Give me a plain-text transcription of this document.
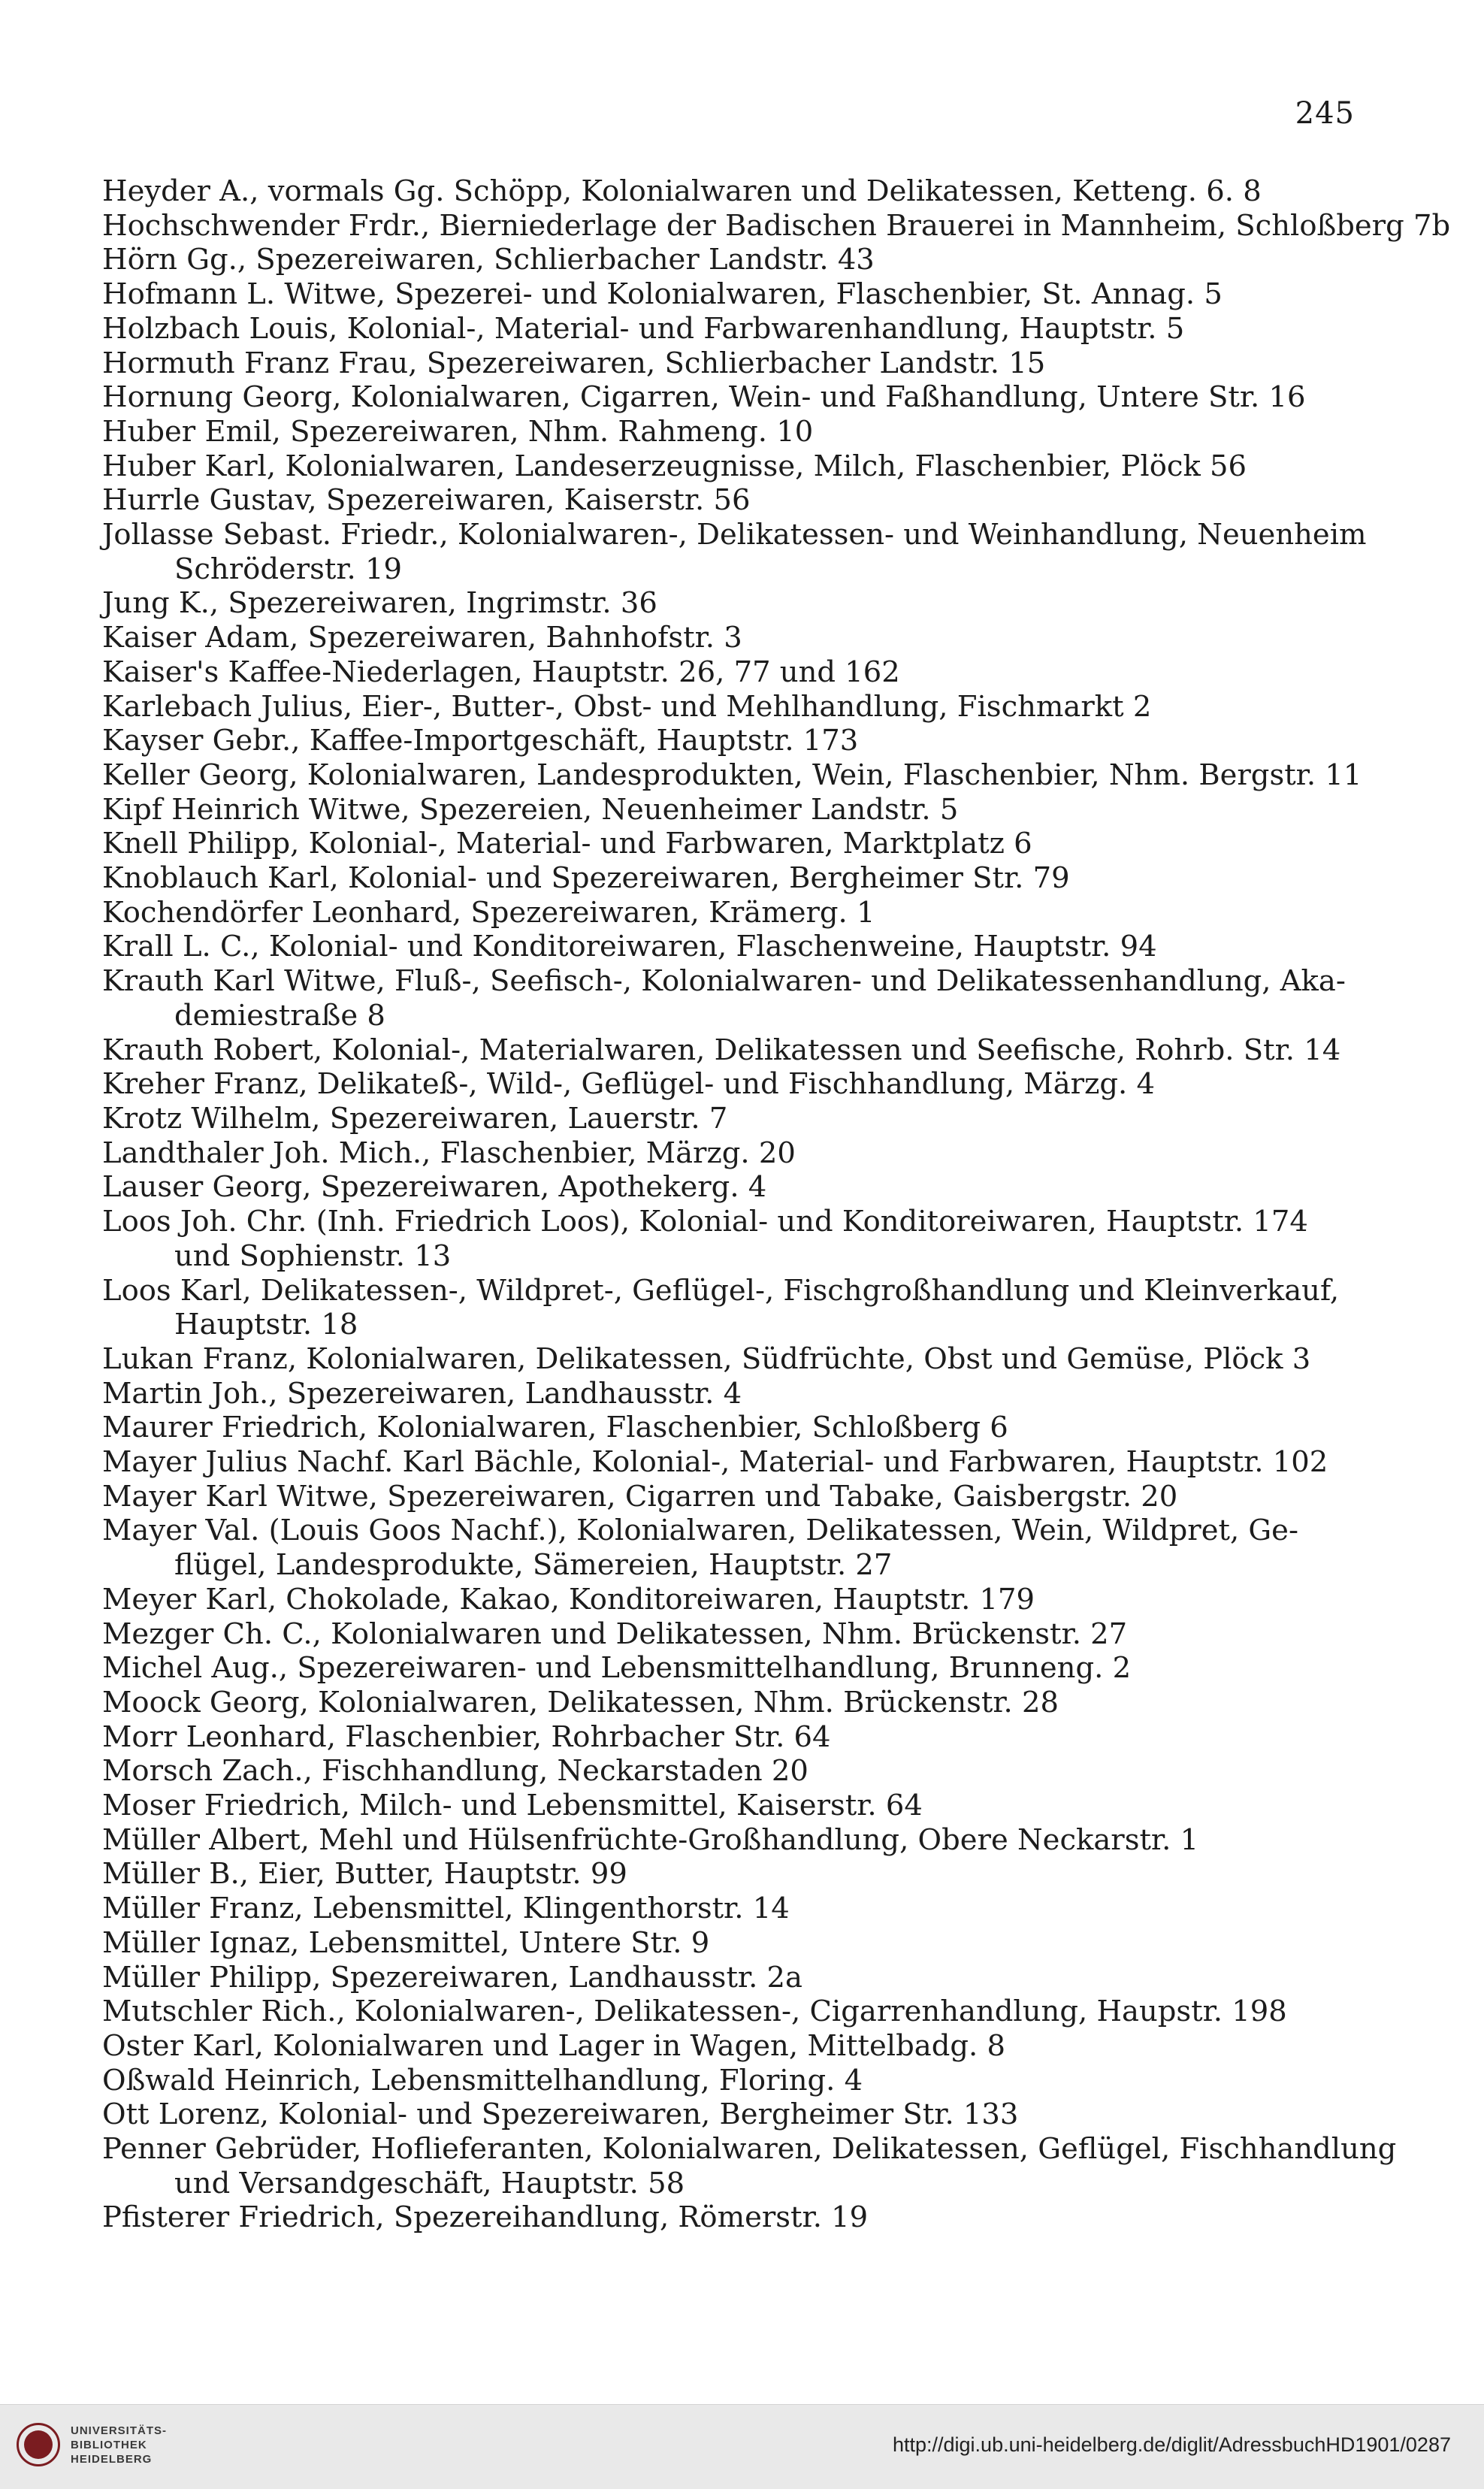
245
Heyder A., vormals Gg. Schöpp, Kolonialwaren und Delikatessen, Ketteng. 6. 8
Hochschwender Frdr., Bierniederlage der Badischen Brauerei in Mannheim, Schloßberg 7b
Hörn Gg., Spezereiwaren, Schlierbacher Landstr. 43
Hofmann L. Witwe, Spezerei- und Kolonialwaren, Flaschenbier, St. Annag. 5
Holzbach Louis, Kolonial-, Material- und Farbwarenhandlung, Hauptstr. 5
Hormuth Franz Frau, Spezereiwaren, Schlierbacher Landstr. 15
Hornung Georg, Kolonialwaren, Cigarren, Wein- und Faßhandlung, Untere Str. 16
Huber Emil, Spezereiwaren, Nhm. Rahmeng. 10
Huber Karl, Kolonialwaren, Landeserzeugnisse, Milch, Flaschenbier, Plöck 56
Hurrle Gustav, Spezereiwaren, Kaiserstr. 56
Jollasse Sebast. Friedr., Kolonialwaren-, Delikatessen- und Weinhandlung, Neuenheim
Schröderstr. 19
Jung K., Spezereiwaren, Ingrimstr. 36
Kaiser Adam, Spezereiwaren, Bahnhofstr. 3
Kaiser's Kaffee-Niederlagen, Hauptstr. 26, 77 und 162
Karlebach Julius, Eier-, Butter-, Obst- und Mehlhandlung, Fischmarkt 2
Kayser Gebr., Kaffee-Importgeschäft, Hauptstr. 173
Keller Georg, Kolonialwaren, Landesprodukten, Wein, Flaschenbier, Nhm. Bergstr. 11
Kipf Heinrich Witwe, Spezereien, Neuenheimer Landstr. 5
Knell Philipp, Kolonial-, Material- und Farbwaren, Marktplatz 6
Knoblauch Karl, Kolonial- und Spezereiwaren, Bergheimer Str. 79
Kochendörfer Leonhard, Spezereiwaren, Krämerg. 1
Krall L. C., Kolonial- und Konditoreiwaren, Flaschenweine, Hauptstr. 94
Krauth Karl Witwe, Fluß-, Seefisch-, Kolonialwaren- und Delikatessenhandlung, Aka-
demiestraße 8
Krauth Robert, Kolonial-, Materialwaren, Delikatessen und Seefische, Rohrb. Str. 14
Kreher Franz, Delikateß-, Wild-, Geflügel- und Fischhandlung, Märzg. 4
Krotz Wilhelm, Spezereiwaren, Lauerstr. 7
Landthaler Joh. Mich., Flaschenbier, Märzg. 20
Lauser Georg, Spezereiwaren, Apothekerg. 4
Loos Joh. Chr. (Inh. Friedrich Loos), Kolonial- und Konditoreiwaren, Hauptstr. 174
und Sophienstr. 13
Loos Karl, Delikatessen-, Wildpret-, Geflügel-, Fischgroßhandlung und Kleinverkauf,
Hauptstr. 18
Lukan Franz, Kolonialwaren, Delikatessen, Südfrüchte, Obst und Gemüse, Plöck 3
Martin Joh., Spezereiwaren, Landhausstr. 4
Maurer Friedrich, Kolonialwaren, Flaschenbier, Schloßberg 6
Mayer Julius Nachf. Karl Bächle, Kolonial-, Material- und Farbwaren, Hauptstr. 102
Mayer Karl Witwe, Spezereiwaren, Cigarren und Tabake, Gaisbergstr. 20
Mayer Val. (Louis Goos Nachf.), Kolonialwaren, Delikatessen, Wein, Wildpret, Ge-
flügel, Landesprodukte, Sämereien, Hauptstr. 27
Meyer Karl, Chokolade, Kakao, Konditoreiwaren, Hauptstr. 179
Mezger Ch. C., Kolonialwaren und Delikatessen, Nhm. Brückenstr. 27
Michel Aug., Spezereiwaren- und Lebensmittelhandlung, Brunneng. 2
Moock Georg, Kolonialwaren, Delikatessen, Nhm. Brückenstr. 28
Morr Leonhard, Flaschenbier, Rohrbacher Str. 64
Morsch Zach., Fischhandlung, Neckarstaden 20
Moser Friedrich, Milch- und Lebensmittel, Kaiserstr. 64
Müller Albert, Mehl und Hülsenfrüchte-Großhandlung, Obere Neckarstr. 1
Müller B., Eier, Butter, Hauptstr. 99
Müller Franz, Lebensmittel, Klingenthorstr. 14
Müller Ignaz, Lebensmittel, Untere Str. 9
Müller Philipp, Spezereiwaren, Landhausstr. 2a
Mutschler Rich., Kolonialwaren-, Delikatessen-, Cigarrenhandlung, Haupstr. 198
Oster Karl, Kolonialwaren und Lager in Wagen, Mittelbadg. 8
Oßwald Heinrich, Lebensmittelhandlung, Floring. 4
Ott Lorenz, Kolonial- und Spezereiwaren, Bergheimer Str. 133
Penner Gebrüder, Hoflieferanten, Kolonialwaren, Delikatessen, Geflügel, Fischhandlung
und Versandgeschäft, Hauptstr. 58
Pfisterer Friedrich, Spezereihandlung, Römerstr. 19
UNIVERSITÄTS-
BIBLIOTHEK
HEIDELBERG
http://digi.ub.uni-heidelberg.de/diglit/AdressbuchHD1901/0287
